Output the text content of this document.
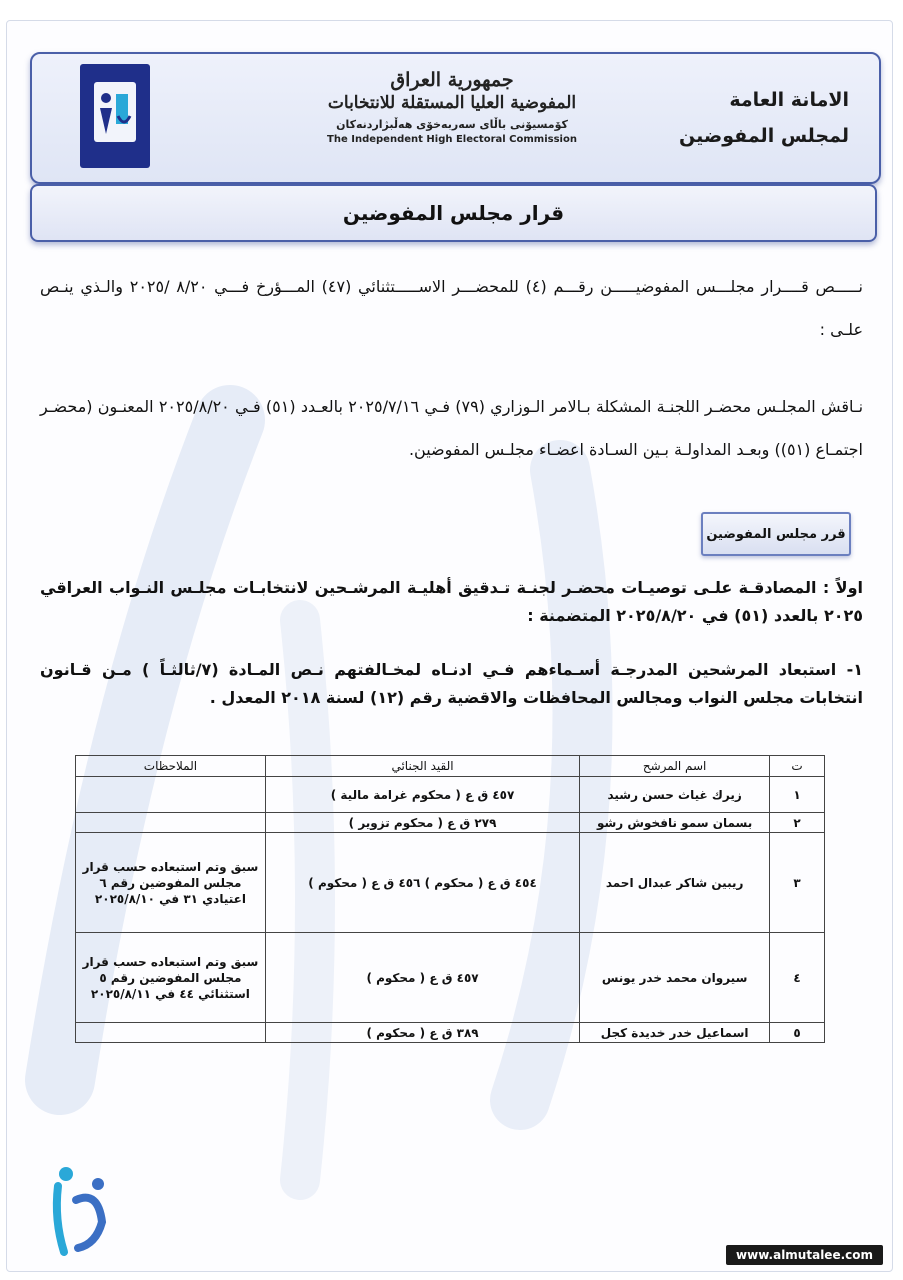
جمهورية العراق
المفوضية العليا المستقلة للانتخابات
كۆمسیۆنی باڵای سەربەخۆی هەڵبژاردنەکان
The Independent High Electoral Commission
الامانة العامة
لمجلس المفوضين
قرار مجلس المفوضين
نـــــص قــــرار مجلـــس المفوضيـــــن رقـــم (٤) للمحضـــر الاســـــتثنائي (٤٧) المـــؤرخ فـــي ٨/٢٠ /٢٠٢٥ والـذي ينـص علـى :
نـاقش المجلـس محضـر اللجنـة المشكلة بـالامر الـوزاري (٧٩) فـي ٢٠٢٥/٧/١٦ بالعـدد (٥١) فـي ٢٠٢٥/٨/٢٠ المعنـون (محضـر اجتمـاع (٥١)) وبعـد المداولـة بـين السـادة اعضـاء مجلـس المفوضين.
قرر مجلس المفوضين
اولاً : المصادقـة علـى توصيـات محضـر لجنـة تـدقيق أهليـة المرشـحين لانتخابـات مجلـس النـواب العراقي ٢٠٢٥ بالعدد (٥١) في ٢٠٢٥/٨/٢٠ المتضمنة :
١- استبعاد المرشحين المدرجـة أسـماءهم فـي ادنـاه لمخـالفتهم نـص المـادة (٧/ثالثـاً ) مـن قـانون انتخابات مجلس النواب ومجالس المحافظات والاقضية رقم (١٢) لسنة ٢٠١٨ المعدل .
ت	اسم المرشح	القيد الجنائي	الملاحظات
١	زيرك غياث حسن رشيد	٤٥٧ ق ع ( محكوم غرامة مالية )	
٢	بسمان سمو نافخوش رشو	٢٧٩ ق ع ( محكوم تزوير )	
٣	ريبين شاكر عبدال احمد	٤٥٤ ق ع ( محكوم ) ٤٥٦ ق ع ( محكوم )	سبق وتم استبعاده حسب قرار مجلس المفوضين رقم ٦ اعتيادي ٣١ في ٢٠٢٥/٨/١٠
٤	سيروان محمد خدر يونس	٤٥٧ ق ع ( محكوم )	سبق وتم استبعاده حسب قرار مجلس المفوضين رقم ٥ استثنائي ٤٤ في ٢٠٢٥/٨/١١
٥	اسماعيل خدر خديدة كجل	٣٨٩ ق ع ( محكوم )	
www.almutalee.com
